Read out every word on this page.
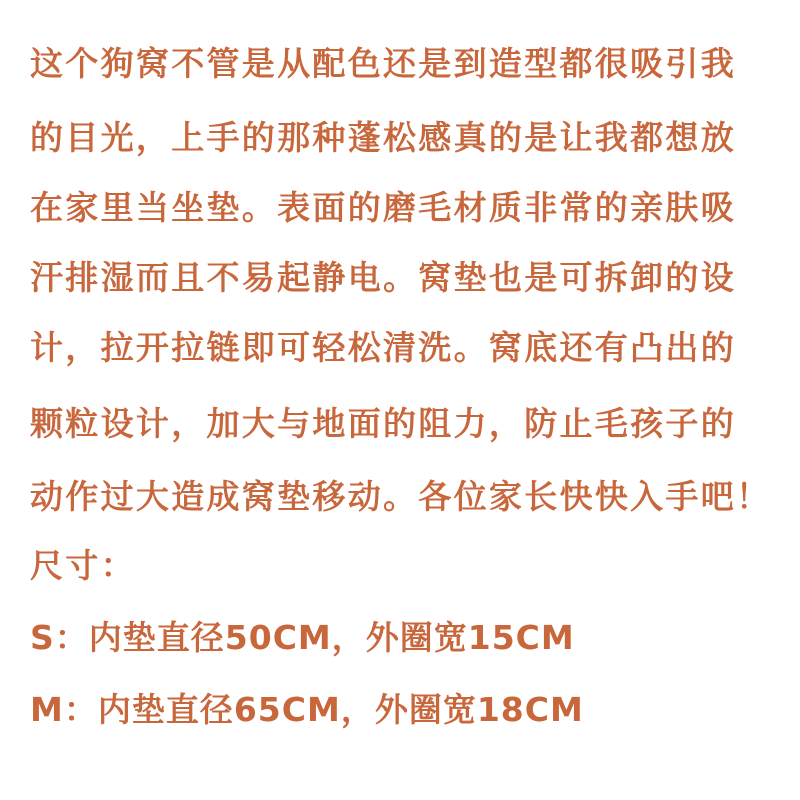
这个狗窝不管是从配色还是到造型都很吸引我
的目光，上手的那种蓬松感真的是让我都想放
在家里当坐垫。表面的磨毛材质非常的亲肤吸
汗排湿而且不易起静电。窝垫也是可拆卸的设
计，拉开拉链即可轻松清洗。窝底还有凸出的
颗粒设计，加大与地面的阻力，防止毛孩子的
动作过大造成窝垫移动。各位家长快快入手吧！
尺寸：
S：内垫直径50CM，外圈宽15CM
M：内垫直径65CM，外圈宽18CM
